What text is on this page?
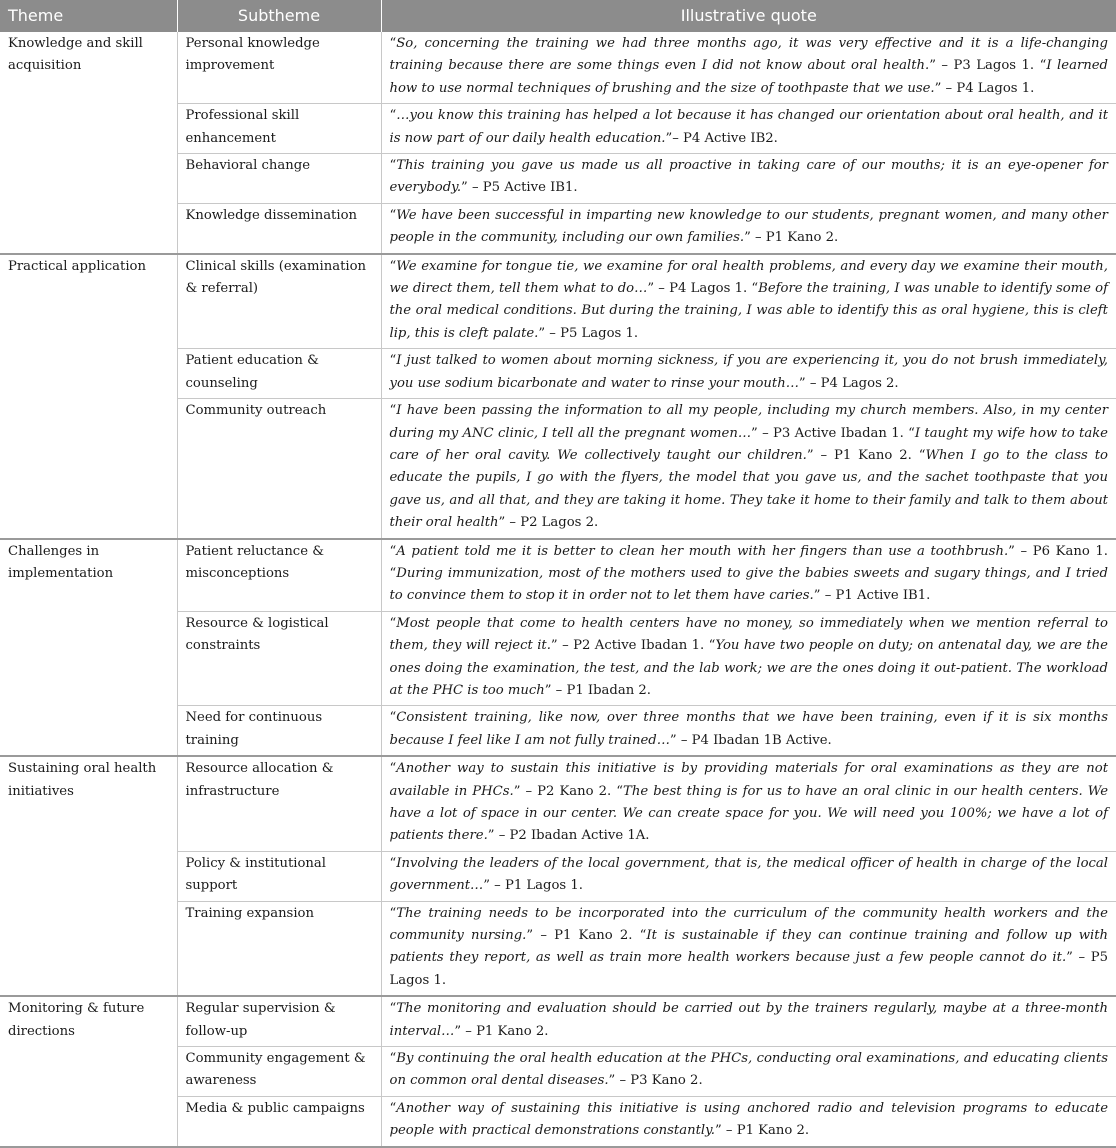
Theme	Subtheme	Illustrative quote
Knowledge and skill acquisition	Personal knowledge improvement	“So, concerning the training we had three months ago, it was very effective and it is a life-changing training because there are some things even I did not know about oral health.” – P3 Lagos 1. “I learned how to use normal techniques of brushing and the size of toothpaste that we use.” – P4 Lagos 1.
	Professional skill enhancement	“…you know this training has helped a lot because it has changed our orientation about oral health, and it is now part of our daily health education.”– P4 Active IB2.
	Behavioral change	“This training you gave us made us all proactive in taking care of our mouths; it is an eye-opener for everybody.” – P5 Active IB1.
	Knowledge dissemination	“We have been successful in imparting new knowledge to our students, pregnant women, and many other people in the community, including our own families.” – P1 Kano 2.
Practical application	Clinical skills (examination & referral)	“We examine for tongue tie, we examine for oral health problems, and every day we examine their mouth, we direct them, tell them what to do…” – P4 Lagos 1. “Before the training, I was unable to identify some of the oral medical conditions. But during the training, I was able to identify this as oral hygiene, this is cleft lip, this is cleft palate.” – P5 Lagos 1.
	Patient education & counseling	“I just talked to women about morning sickness, if you are experiencing it, you do not brush immediately, you use sodium bicarbonate and water to rinse your mouth…” – P4 Lagos 2.
	Community outreach	“I have been passing the information to all my people, including my church members. Also, in my center during my ANC clinic, I tell all the pregnant women…” – P3 Active Ibadan 1. “I taught my wife how to take care of her oral cavity. We collectively taught our children.” – P1 Kano 2. “When I go to the class to educate the pupils, I go with the flyers, the model that you gave us, and the sachet toothpaste that you gave us, and all that, and they are taking it home. They take it home to their family and talk to them about their oral health” – P2 Lagos 2.
Challenges in implementation	Patient reluctance & misconceptions	“A patient told me it is better to clean her mouth with her fingers than use a toothbrush.” – P6 Kano 1. “During immunization, most of the mothers used to give the babies sweets and sugary things, and I tried to convince them to stop it in order not to let them have caries.” – P1 Active IB1.
	Resource & logistical constraints	“Most people that come to health centers have no money, so immediately when we mention referral to them, they will reject it.” – P2 Active Ibadan 1. “You have two people on duty; on antenatal day, we are the ones doing the examination, the test, and the lab work; we are the ones doing it out-patient. The workload at the PHC is too much” – P1 Ibadan 2.
	Need for continuous training	“Consistent training, like now, over three months that we have been training, even if it is six months because I feel like I am not fully trained…” – P4 Ibadan 1B Active.
Sustaining oral health initiatives	Resource allocation & infrastructure	“Another way to sustain this initiative is by providing materials for oral examinations as they are not available in PHCs.” – P2 Kano 2. “The best thing is for us to have an oral clinic in our health centers. We have a lot of space in our center. We can create space for you. We will need you 100%; we have a lot of patients there.” – P2 Ibadan Active 1A.
	Policy & institutional support	“Involving the leaders of the local government, that is, the medical officer of health in charge of the local government…” – P1 Lagos 1.
	Training expansion	“The training needs to be incorporated into the curriculum of the community health workers and the community nursing.” – P1 Kano 2. “It is sustainable if they can continue training and follow up with patients they report, as well as train more health workers because just a few people cannot do it.” – P5 Lagos 1.
Monitoring & future directions	Regular supervision & follow-up	“The monitoring and evaluation should be carried out by the trainers regularly, maybe at a three-month interval…” – P1 Kano 2.
	Community engagement & awareness	“By continuing the oral health education at the PHCs, conducting oral examinations, and educating clients on common oral dental diseases.” – P3 Kano 2.
	Media & public campaigns	“Another way of sustaining this initiative is using anchored radio and television programs to educate people with practical demonstrations constantly.” – P1 Kano 2.
